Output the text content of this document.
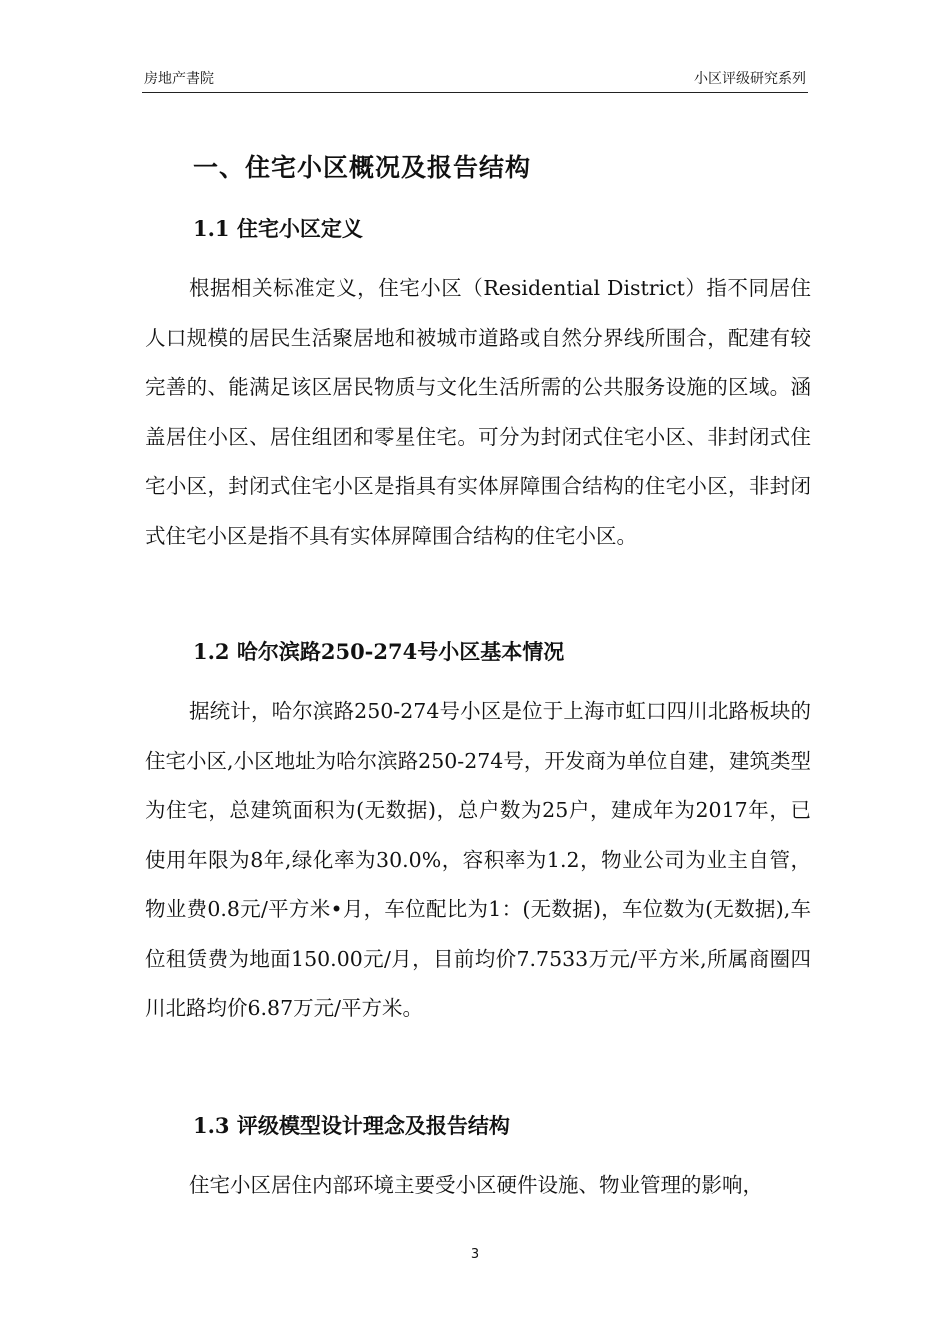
房地产書院	小区评级研究系列
一、住宅小区概况及报告结构
1.1 住宅小区定义
根据相关标准定义，住宅小区（Residential District）指不同居住人口规模的居民生活聚居地和被城市道路或自然分界线所围合，配建有较完善的、能满足该区居民物质与文化生活所需的公共服务设施的区域。涵盖居住小区、居住组团和零星住宅。可分为封闭式住宅小区、非封闭式住宅小区，封闭式住宅小区是指具有实体屏障围合结构的住宅小区，非封闭式住宅小区是指不具有实体屏障围合结构的住宅小区。
1.2 哈尔滨路250-274号小区基本情况
据统计，哈尔滨路250-274号小区是位于上海市虹口四川北路板块的住宅小区,小区地址为哈尔滨路250-274号，开发商为单位自建，建筑类型为住宅，总建筑面积为(无数据)，总户数为25户，建成年为2017年，已使用年限为8年,绿化率为30.0%，容积率为1.2，物业公司为业主自管，物业费0.8元/平方米•月，车位配比为1：(无数据)，车位数为(无数据),车位租赁费为地面150.00元/月，目前均价7.7533万元/平方米,所属商圈四川北路均价6.87万元/平方米。
1.3 评级模型设计理念及报告结构
住宅小区居住内部环境主要受小区硬件设施、物业管理的影响，
3
